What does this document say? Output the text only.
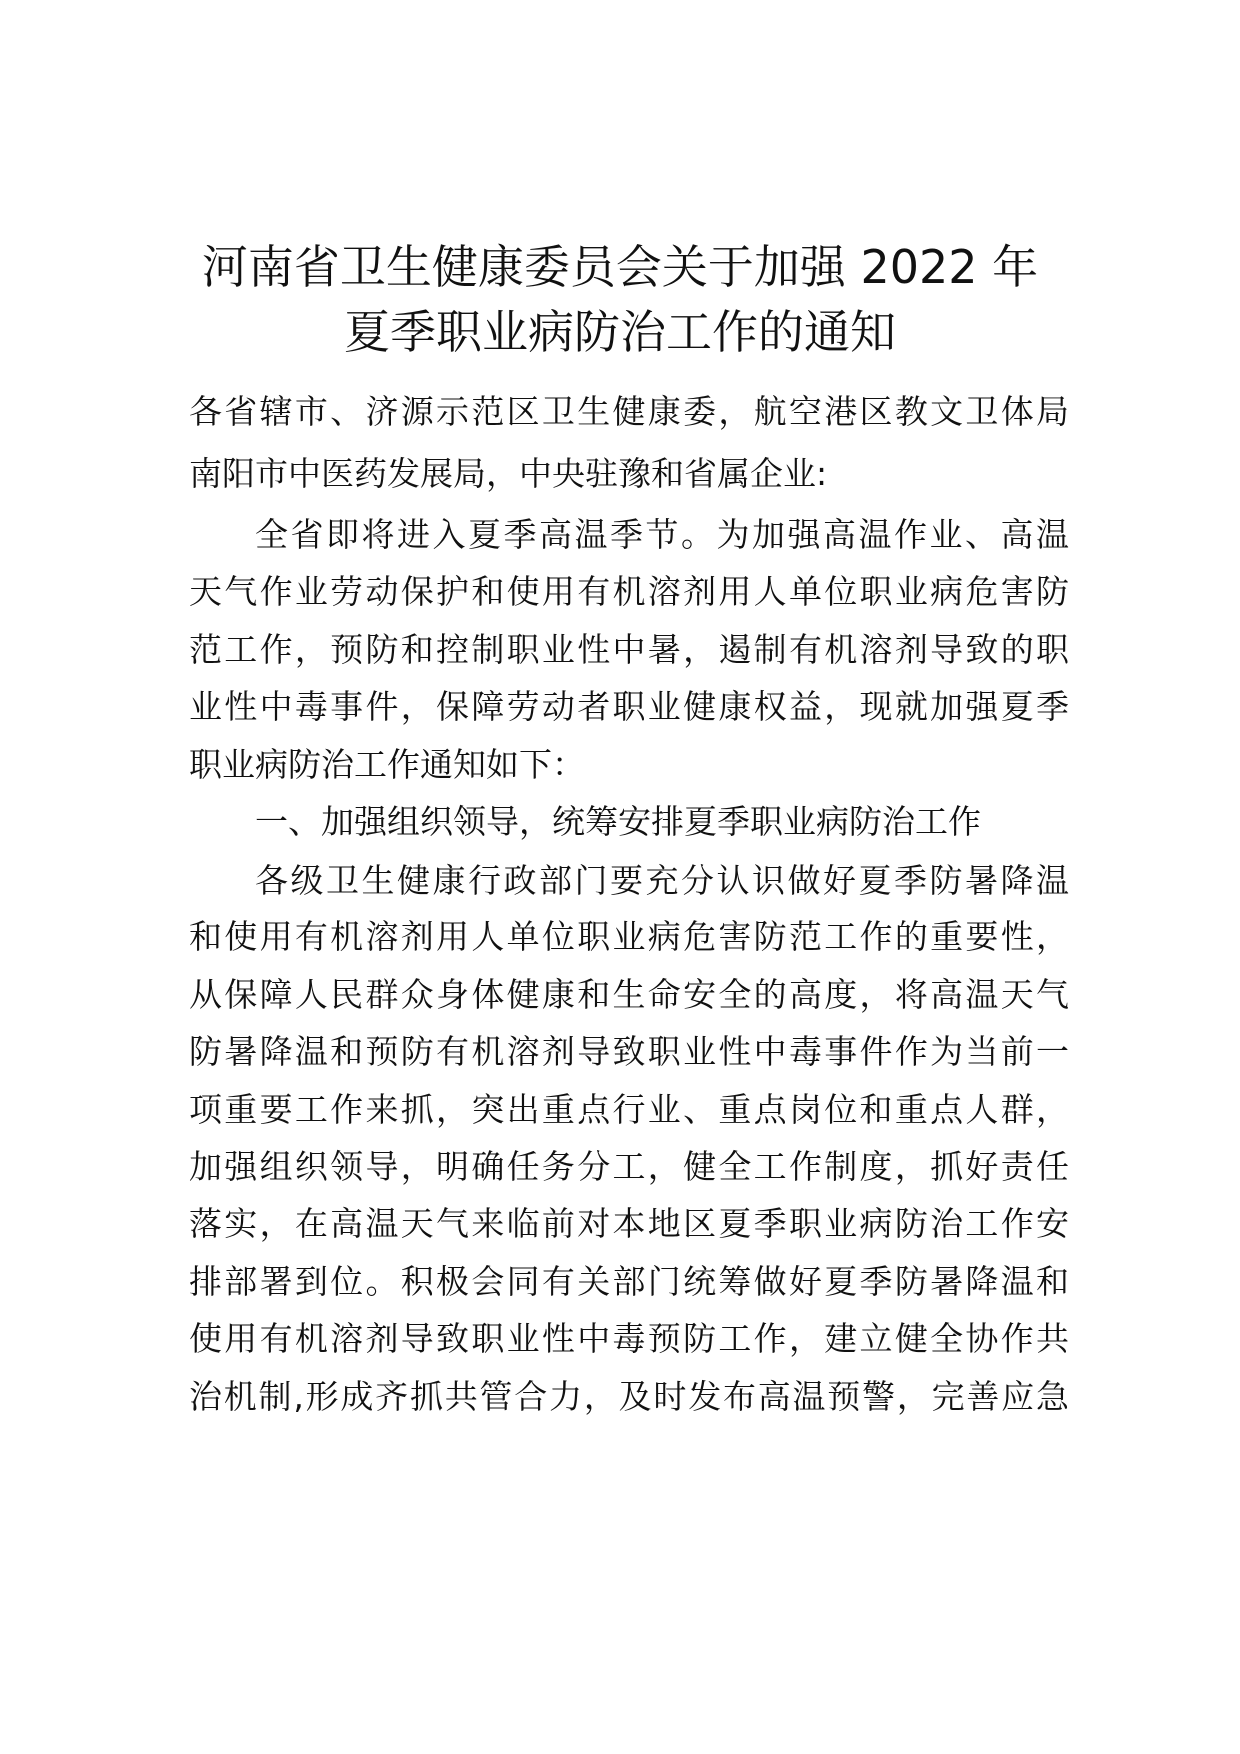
河南省卫生健康委员会关于加强 2022 年
夏季职业病防治工作的通知
各省辖市、济源示范区卫生健康委，航空港区教文卫体局
南阳市中医药发展局，中央驻豫和省属企业:
全省即将进入夏季高温季节。为加强高温作业、高温
天气作业劳动保护和使用有机溶剂用人单位职业病危害防
范工作，预防和控制职业性中暑，遏制有机溶剂导致的职
业性中毒事件，保障劳动者职业健康权益，现就加强夏季
职业病防治工作通知如下：
一、加强组织领导，统筹安排夏季职业病防治工作
各级卫生健康行政部门要充分认识做好夏季防暑降温
和使用有机溶剂用人单位职业病危害防范工作的重要性，
从保障人民群众身体健康和生命安全的高度，将高温天气
防暑降温和预防有机溶剂导致职业性中毒事件作为当前一
项重要工作来抓，突出重点行业、重点岗位和重点人群，
加强组织领导，明确任务分工，健全工作制度，抓好责任
落实，在高温天气来临前对本地区夏季职业病防治工作安
排部署到位。积极会同有关部门统筹做好夏季防暑降温和
使用有机溶剂导致职业性中毒预防工作，建立健全协作共
治机制,形成齐抓共管合力，及时发布高温预警，完善应急
